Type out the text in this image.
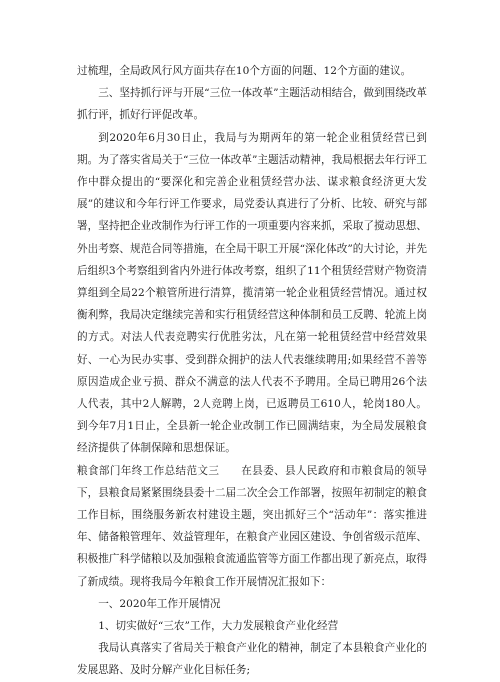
过梳理，全局政风行风方面共存在10个方面的问题、12个方面的建议。

三、坚持抓行评与开展“三位一体改革”主题活动相结合，做到围绕改革抓行评，抓好行评促改革。

到2020年6月30日止，我局与为期两年的第一轮企业租赁经营已到期。为了落实省局关于“三位一体改革”主题活动精神，我局根据去年行评工作中群众提出的“要深化和完善企业租赁经营办法、谋求粮食经济更大发展”的建议和今年行评工作要求，局党委认真进行了分析、比较、研究与部署，坚持把企业改制作为行评工作的一项重要内容来抓，采取了搅动思想、外出考察、规范合同等措施，在全局干职工开展“深化体改”的大讨论，并先后组织3个考察组到省内外进行体改考察，组织了11个租赁经营财产物资清算组到全局22个粮管所进行清算，揽清第一轮企业租赁经营情况。通过权衡利弊，我局决定继续完善和实行租赁经营这种体制和员工反聘、轮流上岗的方式。对法人代表竞聘实行优胜劣汰，凡在第一轮租赁经营中经营效果好、一心为民办实事、受到群众拥护的法人代表继续聘用;如果经营不善等原因造成企业亏损、群众不满意的法人代表不予聘用。全局已聘用26个法人代表，其中2人解聘，2人竞聘上岗，已返聘员工610人，轮岗180人。到今年7月1日止，全县新一轮企业改制工作已圆满结束，为全局发展粮食经济提供了体制保障和思想保证。

粮食部门年终工作总结范文三　　在县委、县人民政府和市粮食局的领导下，县粮食局紧紧围绕县委十二届二次全会工作部署，按照年初制定的粮食工作目标，围绕服务新农村建设主题，突出抓好三个“活动年”：落实推进年、储备粮管理年、效益管理年，在粮食产业园区建设、争创省级示范库、积极推广科学储粮以及加强粮食流通监管等方面工作都出现了新亮点，取得了新成绩。现将我局今年粮食工作开展情况汇报如下：

一、2020年工作开展情况

1、切实做好“三农”工作，大力发展粮食产业化经营

我局认真落实了省局关于粮食产业化的精神，制定了本县粮食产业化的发展思路、及时分解产业化目标任务;
